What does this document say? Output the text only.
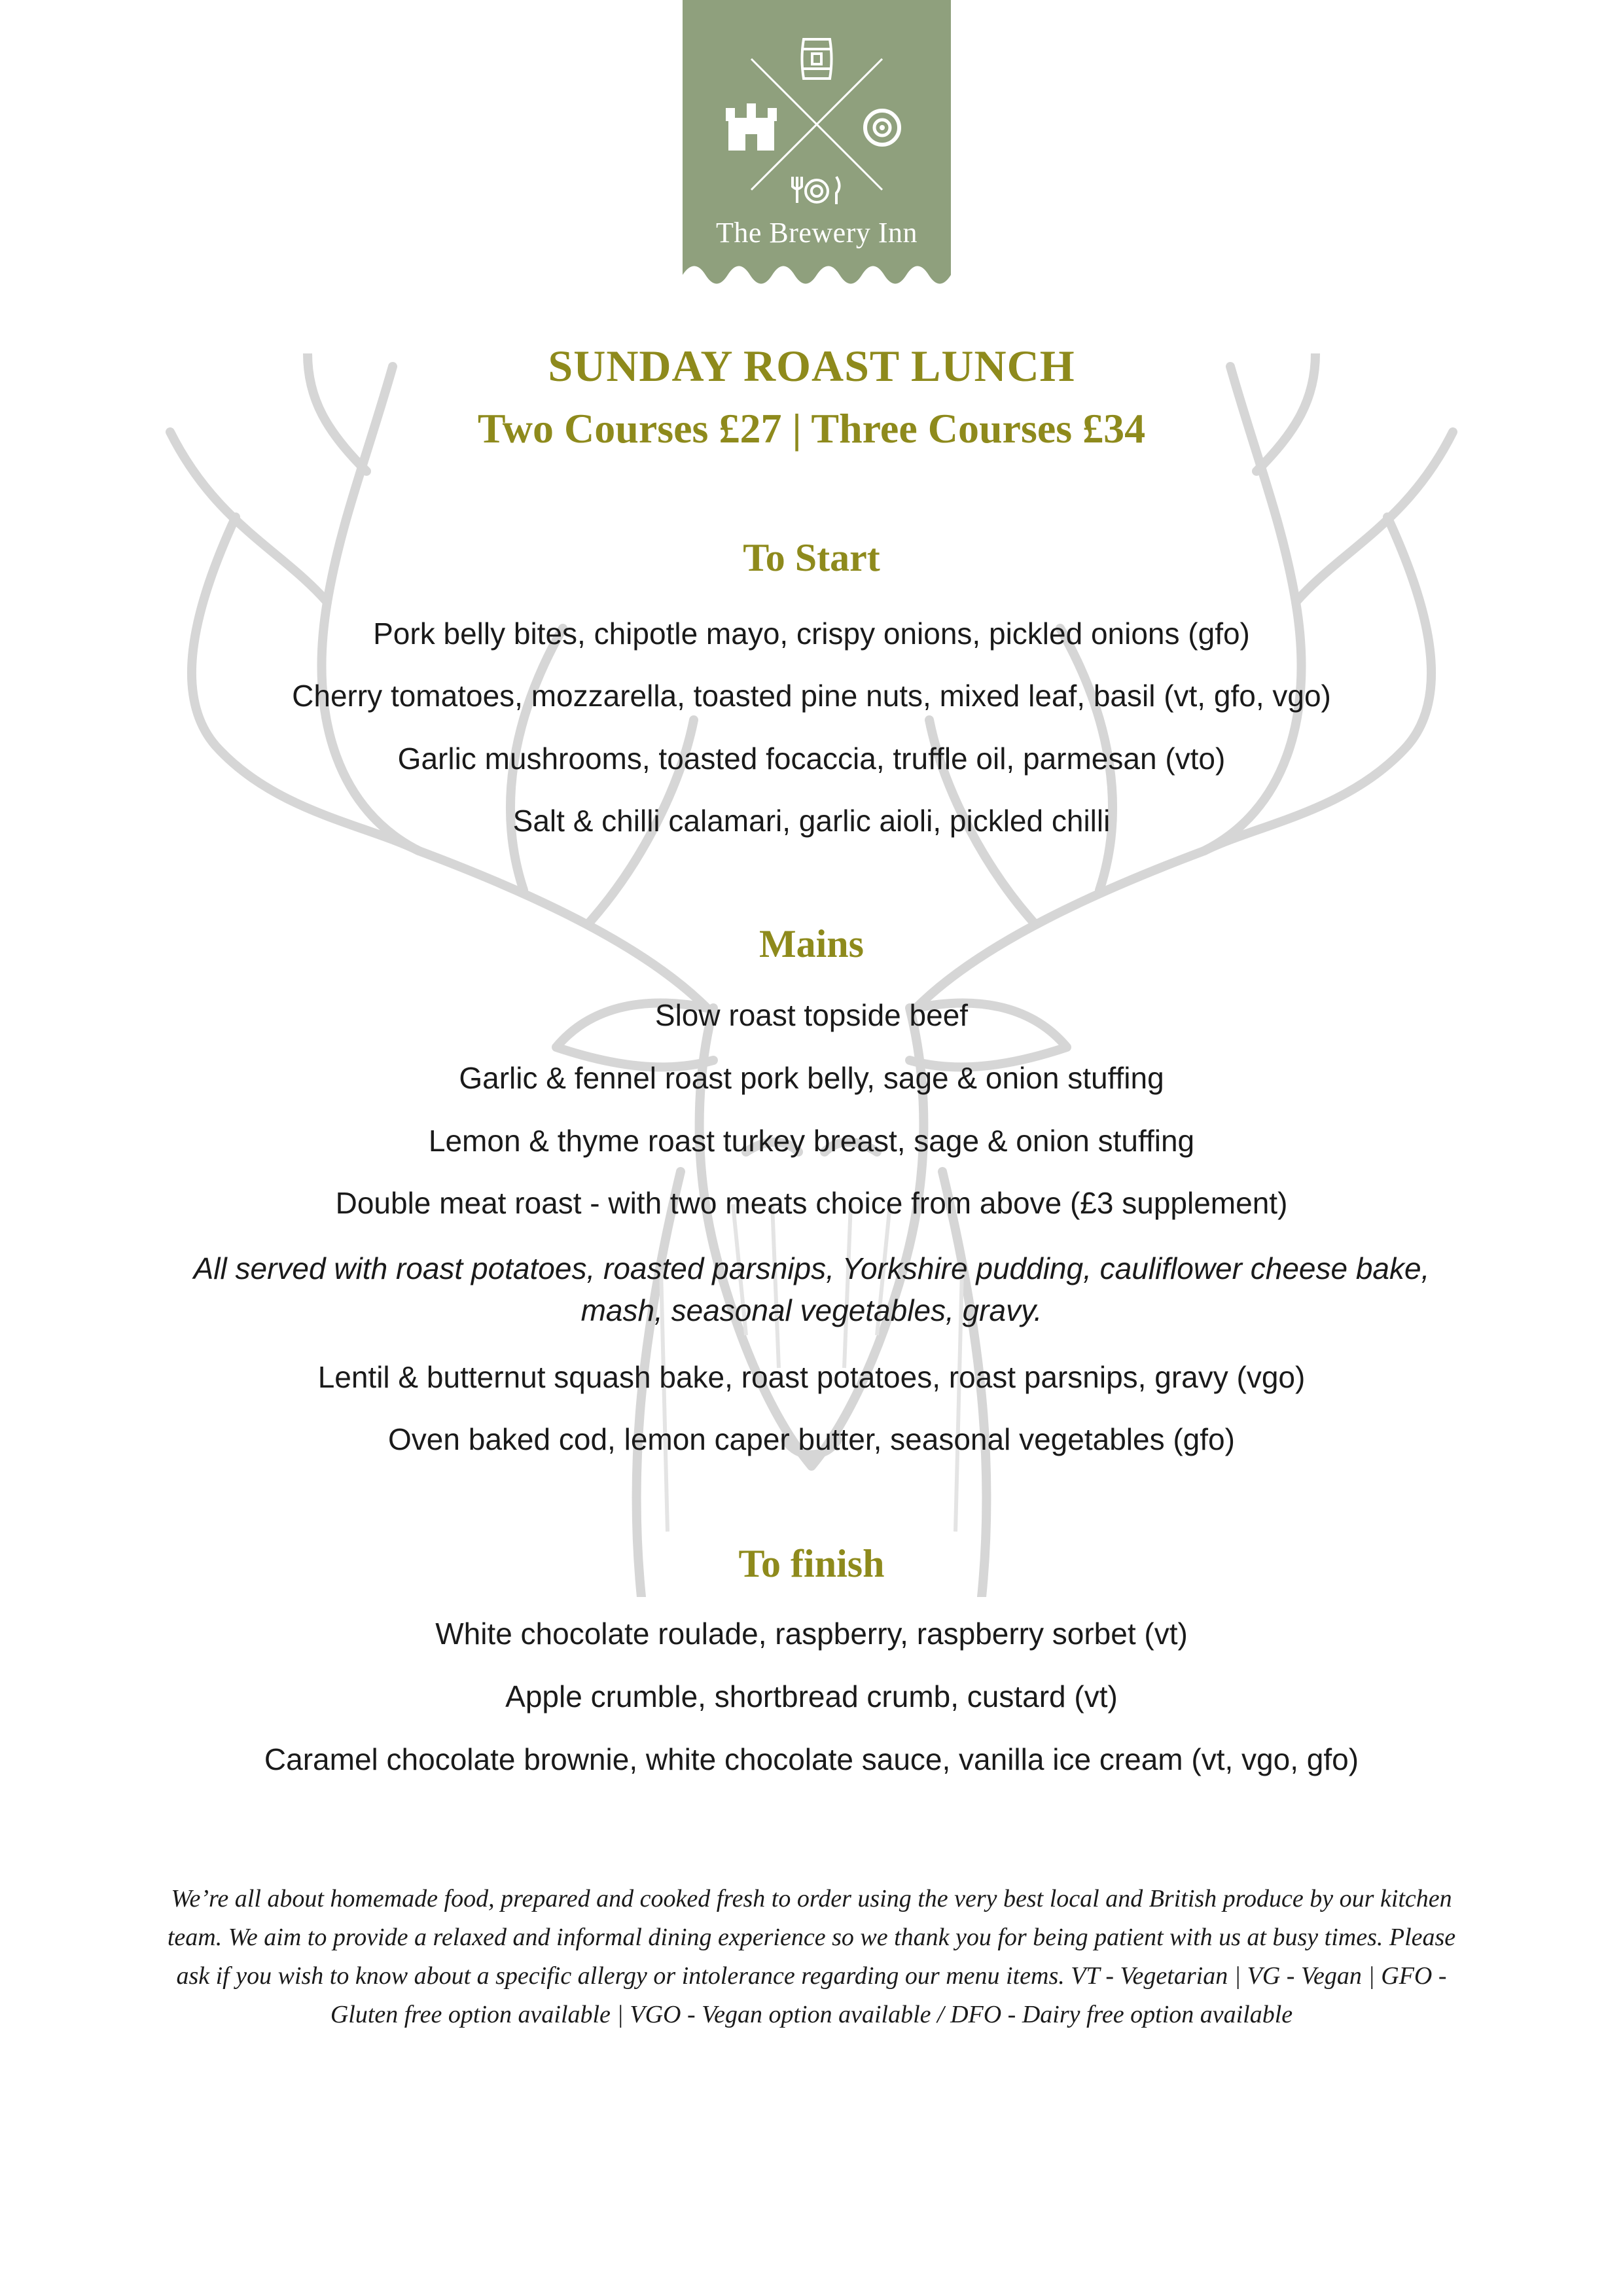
The Brewery Inn
SUNDAY ROAST LUNCH
Two Courses £27 | Three Courses £34
To Start
Pork belly bites, chipotle mayo, crispy onions, pickled onions (gfo)
Cherry tomatoes, mozzarella, toasted pine nuts, mixed leaf, basil (vt, gfo, vgo)
Garlic mushrooms, toasted focaccia, truffle oil, parmesan (vto)
Salt & chilli calamari, garlic aioli, pickled chilli
Mains
Slow roast topside beef
Garlic & fennel roast pork belly, sage & onion stuffing
Lemon & thyme roast turkey breast, sage & onion stuffing
Double meat roast - with two meats choice from above (£3 supplement)
All served with roast potatoes, roasted parsnips, Yorkshire pudding, cauliflower cheese bake, mash, seasonal vegetables, gravy.
Lentil & butternut squash bake, roast potatoes, roast parsnips, gravy (vgo)
Oven baked cod, lemon caper butter, seasonal vegetables (gfo)
To finish
White chocolate roulade, raspberry, raspberry sorbet (vt)
Apple crumble, shortbread crumb, custard (vt)
Caramel chocolate brownie, white chocolate sauce, vanilla ice cream (vt, vgo, gfo)
We’re all about homemade food, prepared and cooked fresh to order using the very best local and British produce by our kitchen team. We aim to provide a relaxed and informal dining experience so we thank you for being patient with us at busy times. Please ask if you wish to know about a specific allergy or intolerance regarding our menu items. VT - Vegetarian | VG - Vegan | GFO - Gluten free option available | VGO - Vegan option available / DFO - Dairy free option available
